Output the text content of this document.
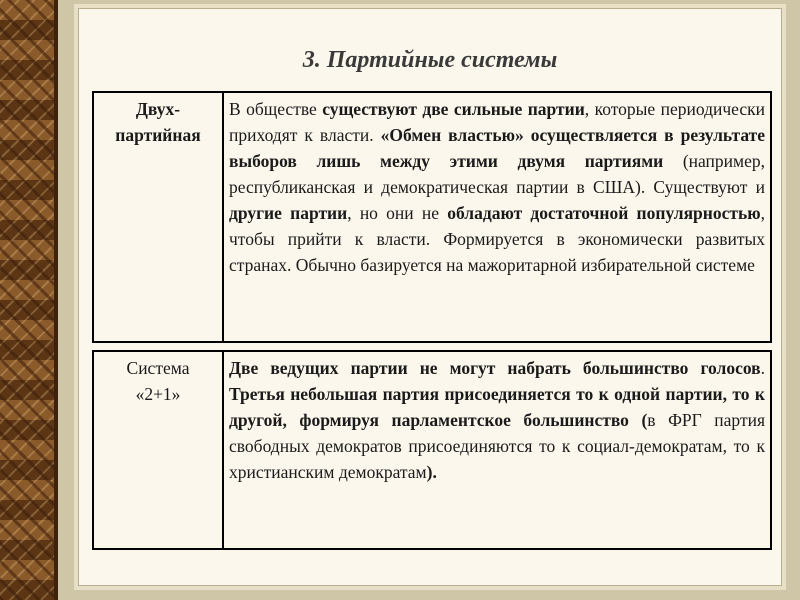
3. Партийные системы
Двух-
партийная	В обществе существуют две сильные партии, которые периодически приходят к власти. «Обмен властью» осуществляется в результате выборов лишь между этими двумя партиями (например, республиканская и демократическая партии в США). Существуют и другие партии, но они не обладают достаточной популярностью, чтобы прийти к власти. Формируется в экономически развитых странах. Обычно базируется на мажоритарной избирательной системе
Система
«2+1»	Две ведущих партии не могут набрать большинство голосов. Третья небольшая партия присоединяется то к одной партии, то к другой, формируя парламентское большинство (в ФРГ партия свободных демократов присоединяются то к социал-демократам, то к христианским демократам).
